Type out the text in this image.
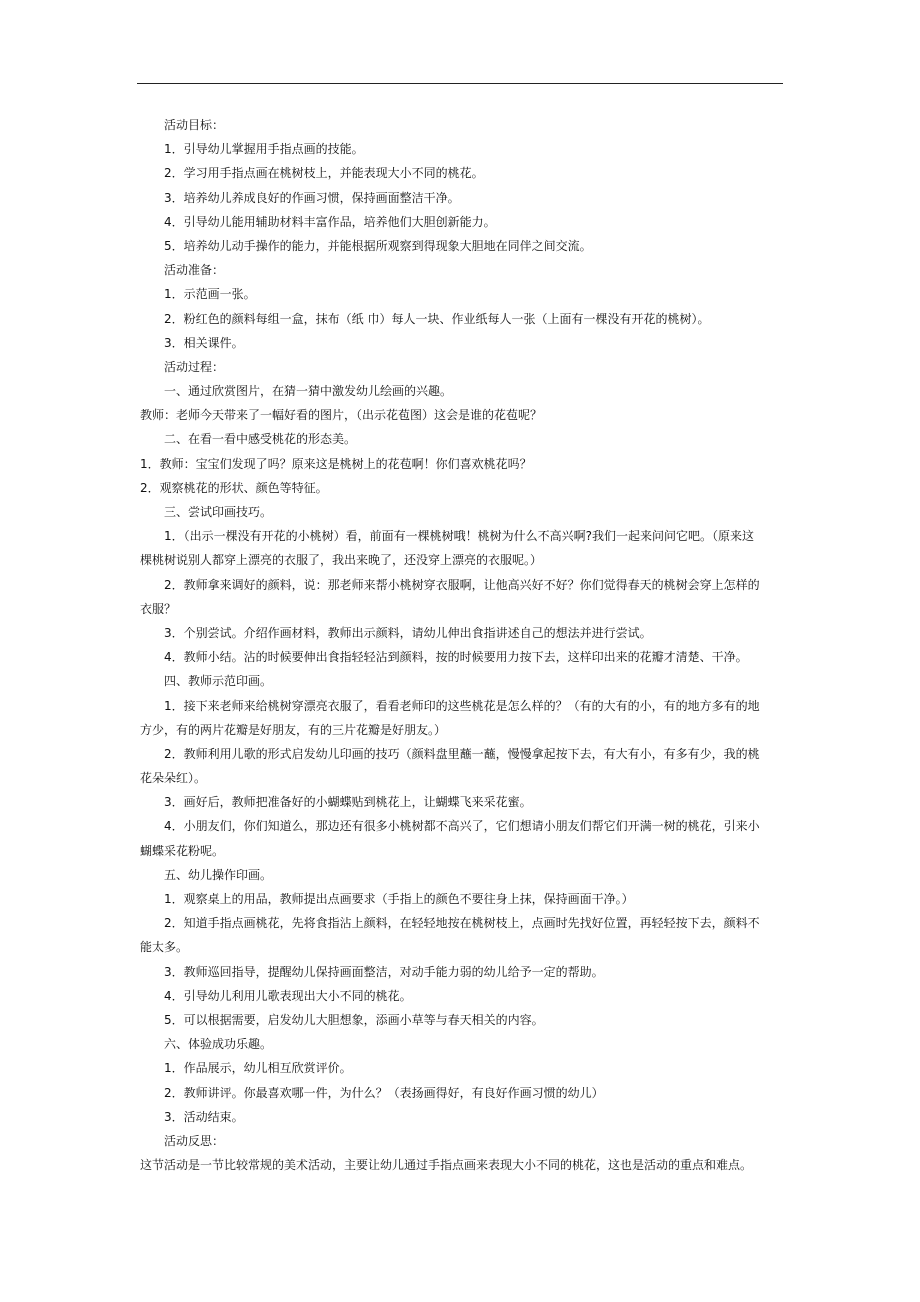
活动目标：
1．引导幼儿掌握用手指点画的技能。
2．学习用手指点画在桃树枝上，并能表现大小不同的桃花。
3．培养幼儿养成良好的作画习惯，保持画面整洁干净。
4．引导幼儿能用辅助材料丰富作品，培养他们大胆创新能力。
5．培养幼儿动手操作的能力，并能根据所观察到得现象大胆地在同伴之间交流。
活动准备：
1．示范画一张。
2．粉红色的颜料每组一盒，抹布（纸 巾）每人一块、作业纸每人一张（上面有一棵没有开花的桃树）。
3．相关课件。
活动过程：
一、通过欣赏图片，在猜一猜中激发幼儿绘画的兴趣。
教师：老师今天带来了一幅好看的图片，（出示花苞图）这会是谁的花苞呢？
二、在看一看中感受桃花的形态美。
1．教师：宝宝们发现了吗？原来这是桃树上的花苞啊！你们喜欢桃花吗？
2．观察桃花的形状、颜色等特征。
三、尝试印画技巧。
1．（出示一棵没有开花的小桃树）看，前面有一棵桃树哦！桃树为什么不高兴啊?我们一起来问问它吧。（原来这
棵桃树说别人都穿上漂亮的衣服了，我出来晚了，还没穿上漂亮的衣服呢。）
2．教师拿来调好的颜料，说：那老师来帮小桃树穿衣服啊，让他高兴好不好？你们觉得春天的桃树会穿上怎样的
衣服？
3．个别尝试。介绍作画材料，教师出示颜料，请幼儿伸出食指讲述自己的想法并进行尝试。
4．教师小结。沾的时候要伸出食指轻轻沾到颜料，按的时候要用力按下去，这样印出来的花瓣才清楚、干净。
四、教师示范印画。
1．接下来老师来给桃树穿漂亮衣服了，看看老师印的这些桃花是怎么样的？（有的大有的小，有的地方多有的地
方少，有的两片花瓣是好朋友，有的三片花瓣是好朋友。）
2．教师利用儿歌的形式启发幼儿印画的技巧（颜料盘里蘸一蘸，慢慢拿起按下去，有大有小，有多有少，我的桃
花朵朵红）。
3．画好后，教师把准备好的小蝴蝶贴到桃花上，让蝴蝶飞来采花蜜。
4．小朋友们，你们知道么，那边还有很多小桃树都不高兴了，它们想请小朋友们帮它们开满一树的桃花，引来小
蝴蝶采花粉呢。
五、幼儿操作印画。
1．观察桌上的用品，教师提出点画要求（手指上的颜色不要往身上抹，保持画面干净。）
2．知道手指点画桃花，先将食指沾上颜料，在轻轻地按在桃树枝上，点画时先找好位置，再轻轻按下去，颜料不
能太多。
3．教师巡回指导，提醒幼儿保持画面整洁，对动手能力弱的幼儿给予一定的帮助。
4．引导幼儿利用儿歌表现出大小不同的桃花。
5．可以根据需要，启发幼儿大胆想象，添画小草等与春天相关的内容。
六、体验成功乐趣。
1．作品展示，幼儿相互欣赏评价。
2．教师讲评。你最喜欢哪一件，为什么？（表扬画得好，有良好作画习惯的幼儿）
3．活动结束。
活动反思：
这节活动是一节比较常规的美术活动，主要让幼儿通过手指点画来表现大小不同的桃花，这也是活动的重点和难点。
